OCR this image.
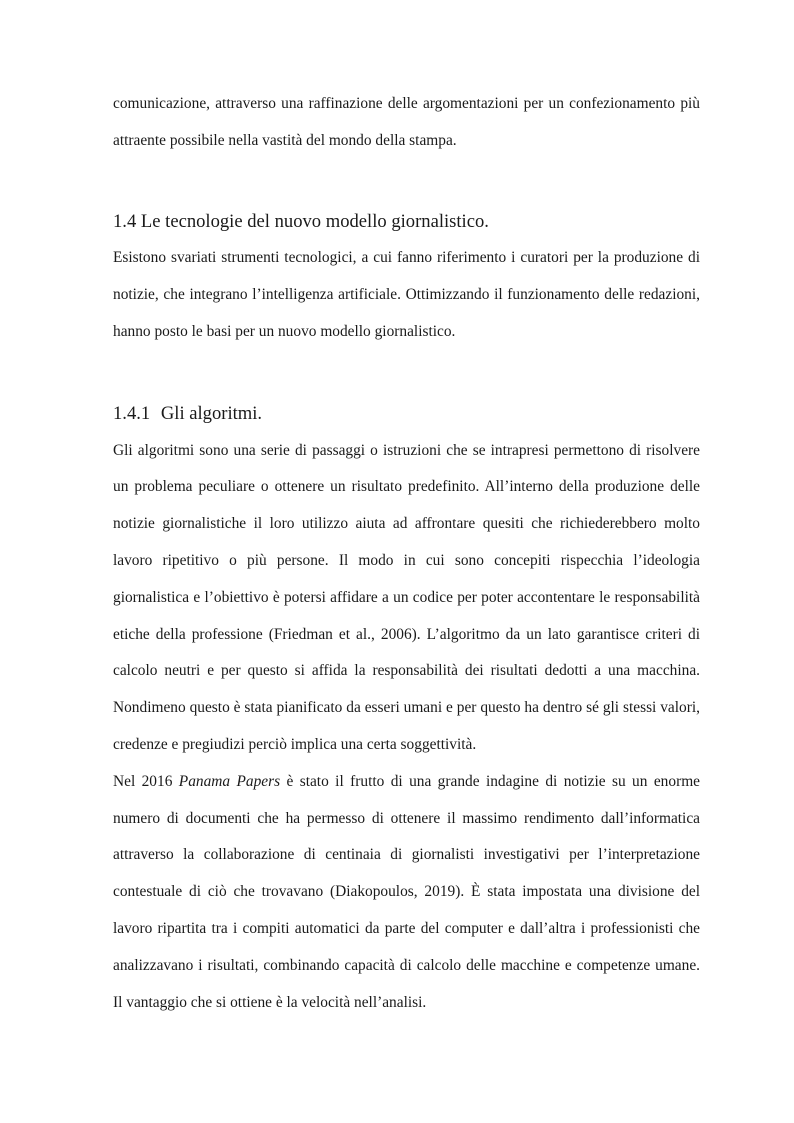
comunicazione, attraverso una raffinazione delle argomentazioni per un confezionamento più attraente possibile nella vastità del mondo della stampa.

1.4 Le tecnologie del nuovo modello giornalistico.

Esistono svariati strumenti tecnologici, a cui fanno riferimento i curatori per la produzione di notizie, che integrano l’intelligenza artificiale. Ottimizzando il funzionamento delle redazioni, hanno posto le basi per un nuovo modello giornalistico.

1.4.1 Gli algoritmi.

Gli algoritmi sono una serie di passaggi o istruzioni che se intrapresi permettono di risolvere un problema peculiare o ottenere un risultato predefinito. All’interno della produzione delle notizie giornalistiche il loro utilizzo aiuta ad affrontare quesiti che richiederebbero molto lavoro ripetitivo o più persone. Il modo in cui sono concepiti rispecchia l’ideologia giornalistica e l’obiettivo è potersi affidare a un codice per poter accontentare le responsabilità etiche della professione (Friedman et al., 2006). L’algoritmo da un lato garantisce criteri di calcolo neutri e per questo si affida la responsabilità dei risultati dedotti a una macchina. Nondimeno questo è stata pianificato da esseri umani e per questo ha dentro sé gli stessi valori, credenze e pregiudizi perciò implica una certa soggettività.

Nel 2016 Panama Papers è stato il frutto di una grande indagine di notizie su un enorme numero di documenti che ha permesso di ottenere il massimo rendimento dall’informatica attraverso la collaborazione di centinaia di giornalisti investigativi per l’interpretazione contestuale di ciò che trovavano (Diakopoulos, 2019). È stata impostata una divisione del lavoro ripartita tra i compiti automatici da parte del computer e dall’altra i professionisti che analizzavano i risultati, combinando capacità di calcolo delle macchine e competenze umane. Il vantaggio che si ottiene è la velocità nell’analisi.
